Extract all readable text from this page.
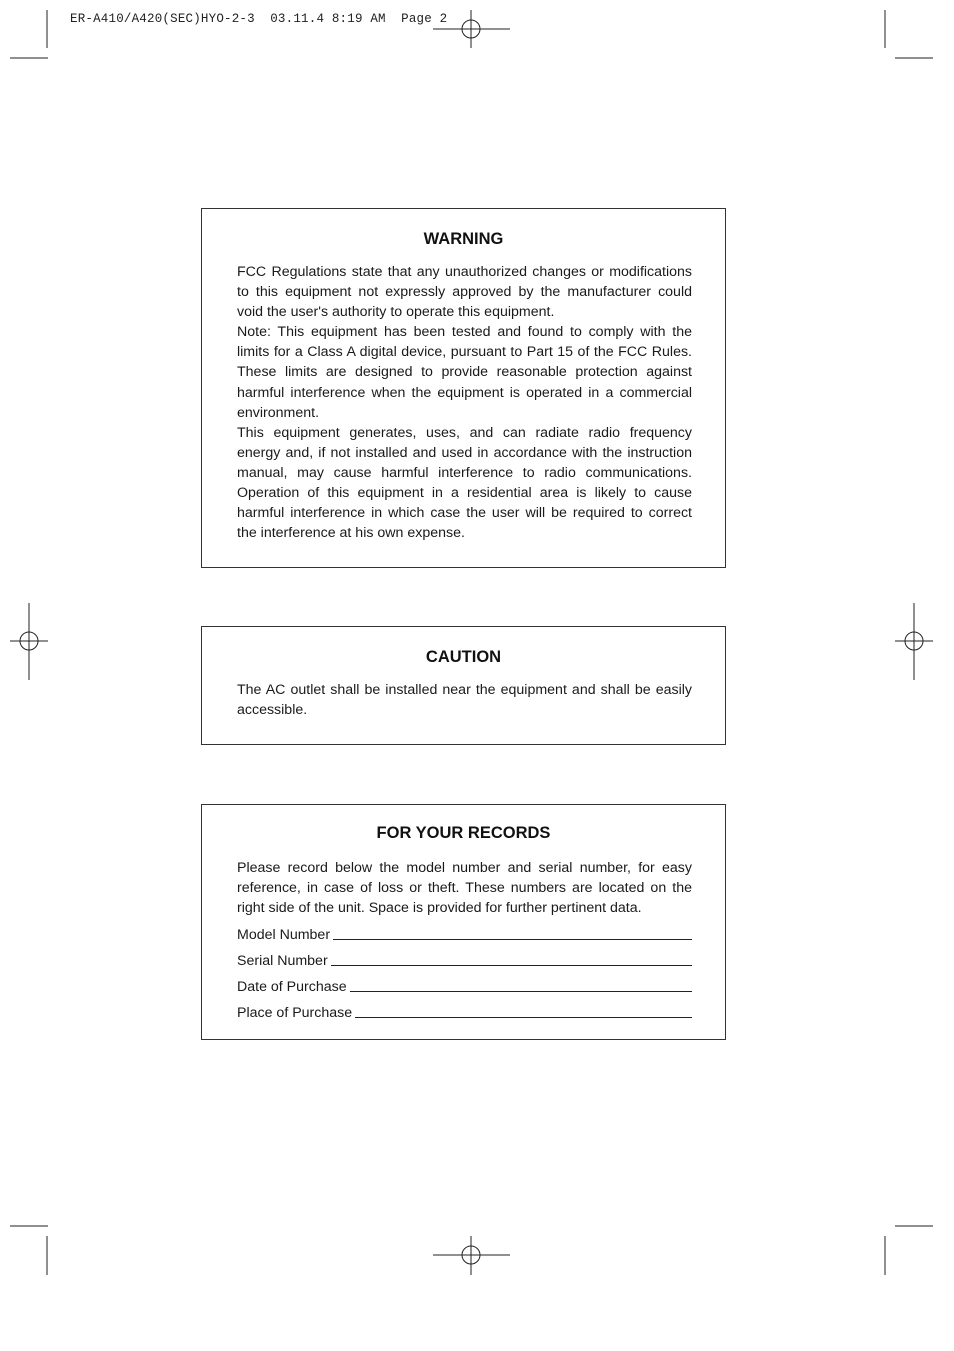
ER-A410/A420(SEC)HYO-2-3  03.11.4 8:19 AM  Page 2
WARNING

FCC Regulations state that any unauthorized changes or modifications to this equipment not expressly approved by the manufacturer could void the user's authority to operate this equipment.

Note: This equipment has been tested and found to comply with the limits for a Class A digital device, pursuant to Part 15 of the FCC Rules. These limits are designed to provide reasonable protection against harmful interference when the equipment is operated in a commercial environment.

This equipment generates, uses, and can radiate radio frequency energy and, if not installed and used in accordance with the instruction manual, may cause harmful interference to radio communications. Operation of this equipment in a residential area is likely to cause harmful interference in which case the user will be required to correct the interference at his own expense.

CAUTION

The AC outlet shall be installed near the equipment and shall be easily accessible.

FOR YOUR RECORDS

Please record below the model number and serial number, for easy reference, in case of loss or theft. These numbers are located on the right side of the unit. Space is provided for further pertinent data.

Model Number
Serial Number
Date of Purchase
Place of Purchase
